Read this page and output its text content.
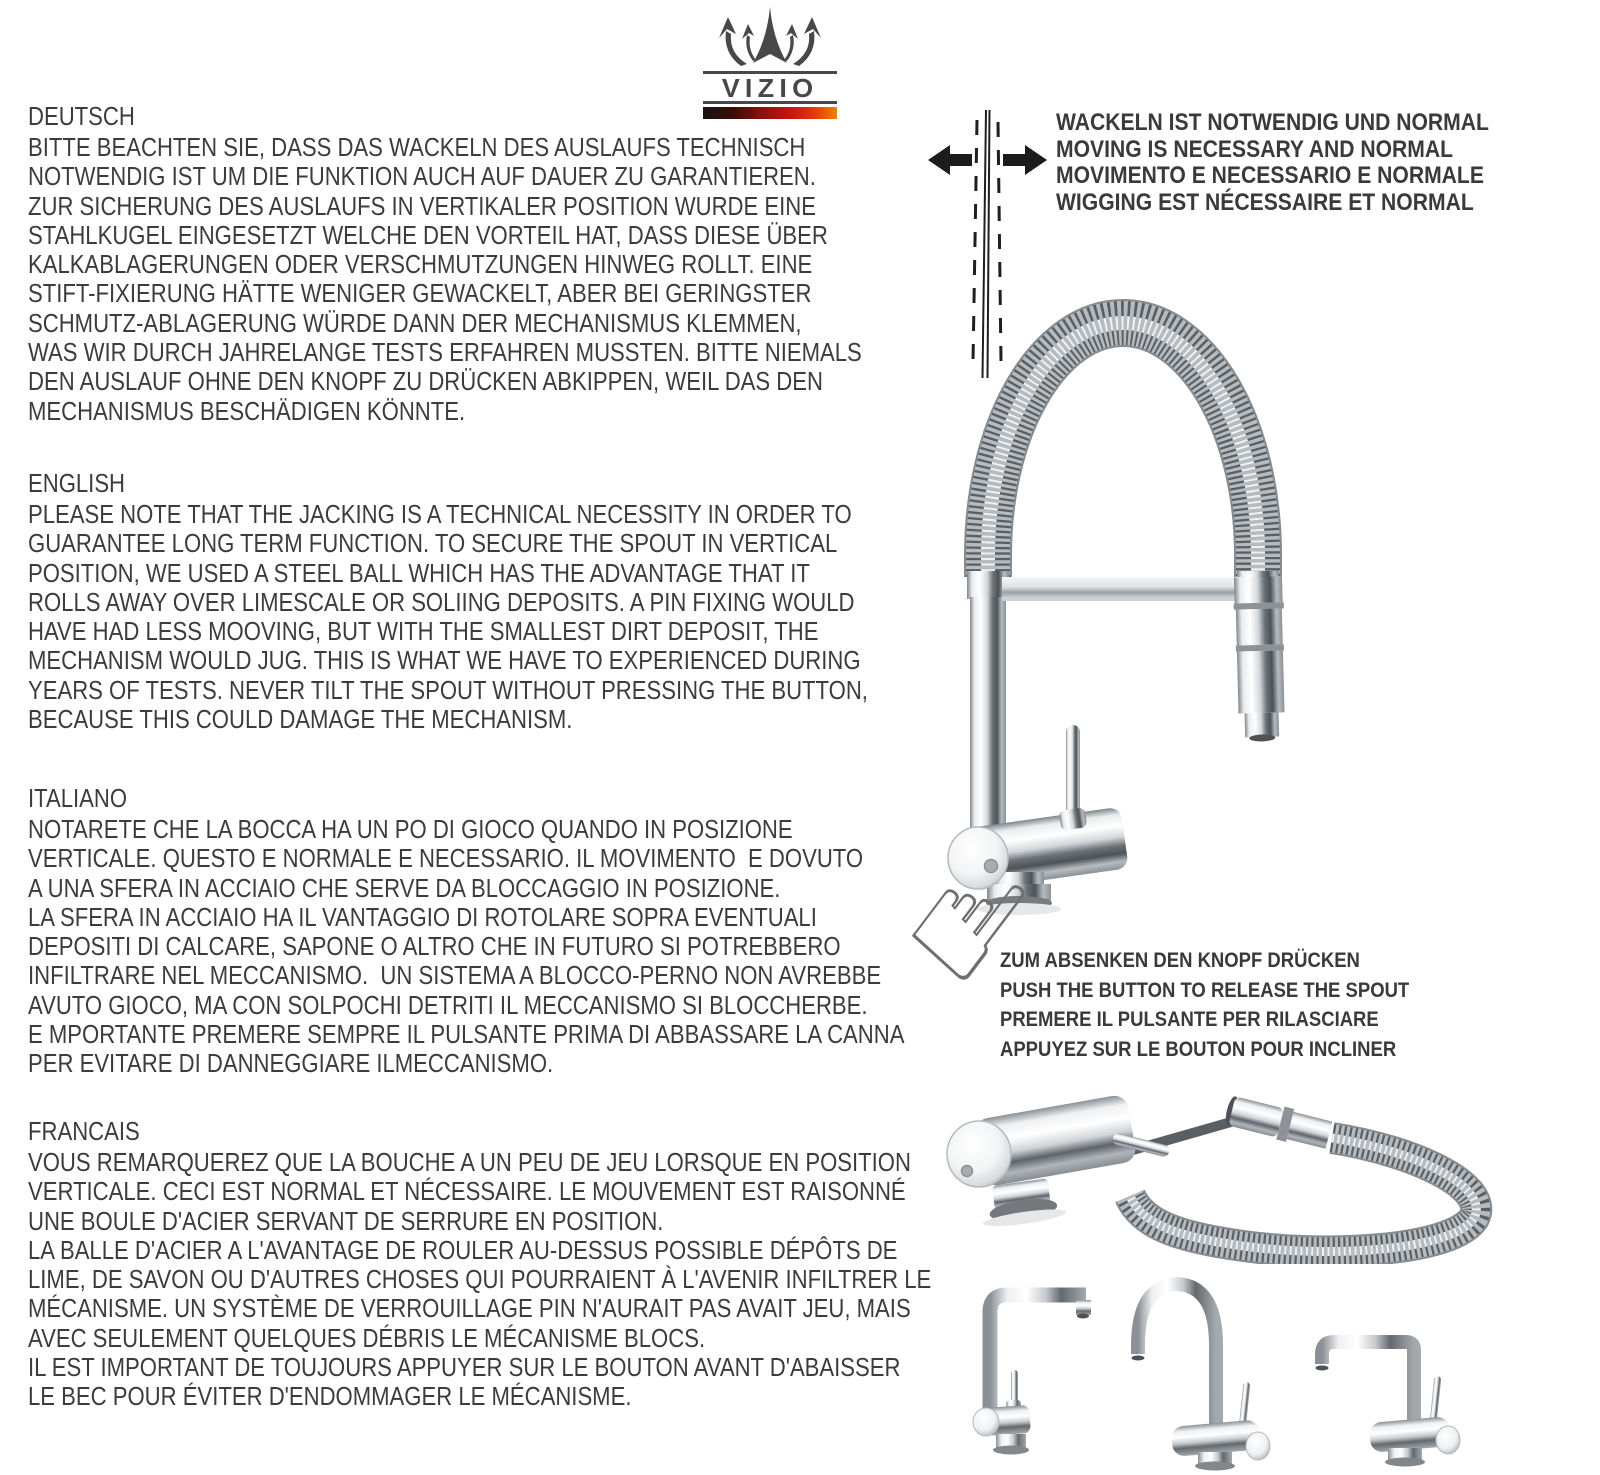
VIZIO
DEUTSCH
BITTE BEACHTEN SIE, DASS DAS WACKELN DES AUSLAUFS TECHNISCH
NOTWENDIG IST UM DIE FUNKTION AUCH AUF DAUER ZU GARANTIEREN.
ZUR SICHERUNG DES AUSLAUFS IN VERTIKALER POSITION WURDE EINE
STAHLKUGEL EINGESETZT WELCHE DEN VORTEIL HAT, DASS DIESE ÜBER
KALKABLAGERUNGEN ODER VERSCHMUTZUNGEN HINWEG ROLLT. EINE
STIFT-FIXIERUNG HÄTTE WENIGER GEWACKELT, ABER BEI GERINGSTER
SCHMUTZ-ABLAGERUNG WÜRDE DANN DER MECHANISMUS KLEMMEN,
WAS WIR DURCH JAHRELANGE TESTS ERFAHREN MUSSTEN. BITTE NIEMALS
DEN AUSLAUF OHNE DEN KNOPF ZU DRÜCKEN ABKIPPEN, WEIL DAS DEN
MECHANISMUS BESCHÄDIGEN KÖNNTE.
ENGLISH
PLEASE NOTE THAT THE JACKING IS A TECHNICAL NECESSITY IN ORDER TO
GUARANTEE LONG TERM FUNCTION. TO SECURE THE SPOUT IN VERTICAL
POSITION, WE USED A STEEL BALL WHICH HAS THE ADVANTAGE THAT IT
ROLLS AWAY OVER LIMESCALE OR SOLIING DEPOSITS. A PIN FIXING WOULD
HAVE HAD LESS MOOVING, BUT WITH THE SMALLEST DIRT DEPOSIT, THE
MECHANISM WOULD JUG. THIS IS WHAT WE HAVE TO EXPERIENCED DURING
YEARS OF TESTS. NEVER TILT THE SPOUT WITHOUT PRESSING THE BUTTON,
BECAUSE THIS COULD DAMAGE THE MECHANISM.
ITALIANO
NOTARETE CHE LA BOCCA HA UN PO DI GIOCO QUANDO IN POSIZIONE
VERTICALE. QUESTO E NORMALE E NECESSARIO. IL MOVIMENTO  E DOVUTO
A UNA SFERA IN ACCIAIO CHE SERVE DA BLOCCAGGIO IN POSIZIONE.
LA SFERA IN ACCIAIO HA IL VANTAGGIO DI ROTOLARE SOPRA EVENTUALI
DEPOSITI DI CALCARE, SAPONE O ALTRO CHE IN FUTURO SI POTREBBERO
INFILTRARE NEL MECCANISMO.  UN SISTEMA A BLOCCO-PERNO NON AVREBBE
AVUTO GIOCO, MA CON SOLPOCHI DETRITI IL MECCANISMO SI BLOCCHERBE.
E MPORTANTE PREMERE SEMPRE IL PULSANTE PRIMA DI ABBASSARE LA CANNA
PER EVITARE DI DANNEGGIARE ILMECCANISMO.
FRANCAIS
VOUS REMARQUEREZ QUE LA BOUCHE A UN PEU DE JEU LORSQUE EN POSITION
VERTICALE. CECI EST NORMAL ET NÉCESSAIRE. LE MOUVEMENT EST RAISONNÉ
UNE BOULE D'ACIER SERVANT DE SERRURE EN POSITION.
LA BALLE D'ACIER A L'AVANTAGE DE ROULER AU-DESSUS POSSIBLE DÉPÔTS DE
LIME, DE SAVON OU D'AUTRES CHOSES QUI POURRAIENT À L'AVENIR INFILTRER LE
MÉCANISME. UN SYSTÈME DE VERROUILLAGE PIN N'AURAIT PAS AVAIT JEU, MAIS
AVEC SEULEMENT QUELQUES DÉBRIS LE MÉCANISME BLOCS.
IL EST IMPORTANT DE TOUJOURS APPUYER SUR LE BOUTON AVANT D'ABAISSER
LE BEC POUR ÉVITER D'ENDOMMAGER LE MÉCANISME.
WACKELN IST NOTWENDIG UND NORMAL
MOVING IS NECESSARY AND NORMAL
MOVIMENTO E NECESSARIO E NORMALE
WIGGING EST NÉCESSAIRE ET NORMAL
☝
ZUM ABSENKEN DEN KNOPF DRÜCKEN
PUSH THE BUTTON TO RELEASE THE SPOUT
PREMERE IL PULSANTE PER RILASCIARE
APPUYEZ SUR LE BOUTON POUR INCLINER
